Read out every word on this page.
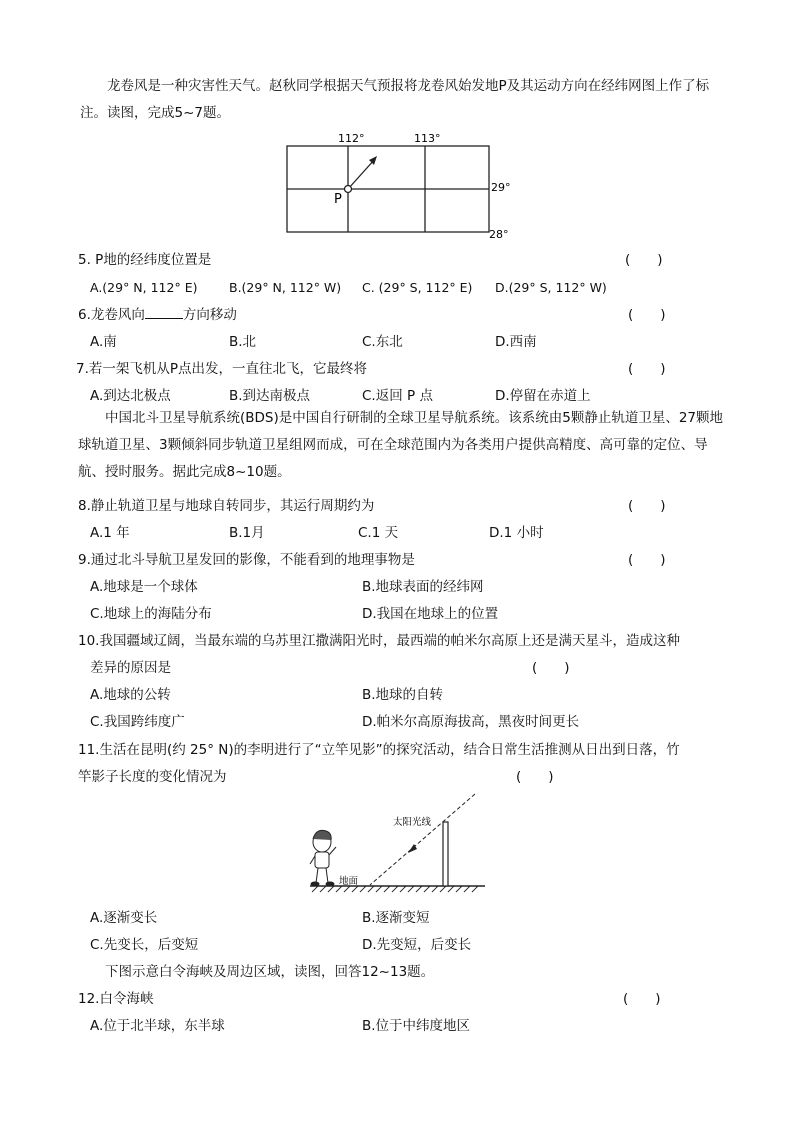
龙卷风是一种灾害性天气。赵秋同学根据天气预报将龙卷风始发地P及其运动方向在经纬网图上作了标注。读图，完成5~7题。
112°	113°
29°
28°
P
5. P地的经纬度位置是	(　　)
A.(29° N, 112° E)	B.(29° N, 112° W) C. (29° S, 112° E) D.(29° S, 112° W)
6.龙卷风向	方向移动	(　　)
A.南	B.北	C.东北	D.西南
7.若一架飞机从P点出发，一直往北飞，它最终将	(　　)
A.到达北极点	B.到达南极点	C.返回 P 点	D.停留在赤道上
中国北斗卫星导航系统(BDS)是中国自行研制的全球卫星导航系统。该系统由5颗静止轨道卫星、27颗地球轨道卫星、3颗倾斜同步轨道卫星组网而成，可在全球范围内为各类用户提供高精度、高可靠的定位、导航、授时服务。据此完成8~10题。
8.静止轨道卫星与地球自转同步，其运行周期约为	(　　)
A.1 年	B.1月	C.1 天	D.1 小时
9.通过北斗导航卫星发回的影像，不能看到的地理事物是	(　　)
A.地球是一个球体	B.地球表面的经纬网
C.地球上的海陆分布	D.我国在地球上的位置
10.我国疆域辽阔，当最东端的乌苏里江撒满阳光时，最西端的帕米尔高原上还是满天星斗，造成这种
差异的原因是	(　　)
A.地球的公转	B.地球的自转
C.我国跨纬度广	D.帕米尔高原海拔高，黑夜时间更长
11.生活在昆明(约 25° N)的李明进行了“立竿见影”的探究活动，结合日常生活推测从日出到日落，竹
竿影子长度的变化情况为	(　　)
太阳光线
地面
A.逐渐变长	B.逐渐变短
C.先变长，后变短	D.先变短，后变长
下图示意白令海峡及周边区域，读图，回答12~13题。
12.白令海峡	(　　)
A.位于北半球，东半球	B.位于中纬度地区
